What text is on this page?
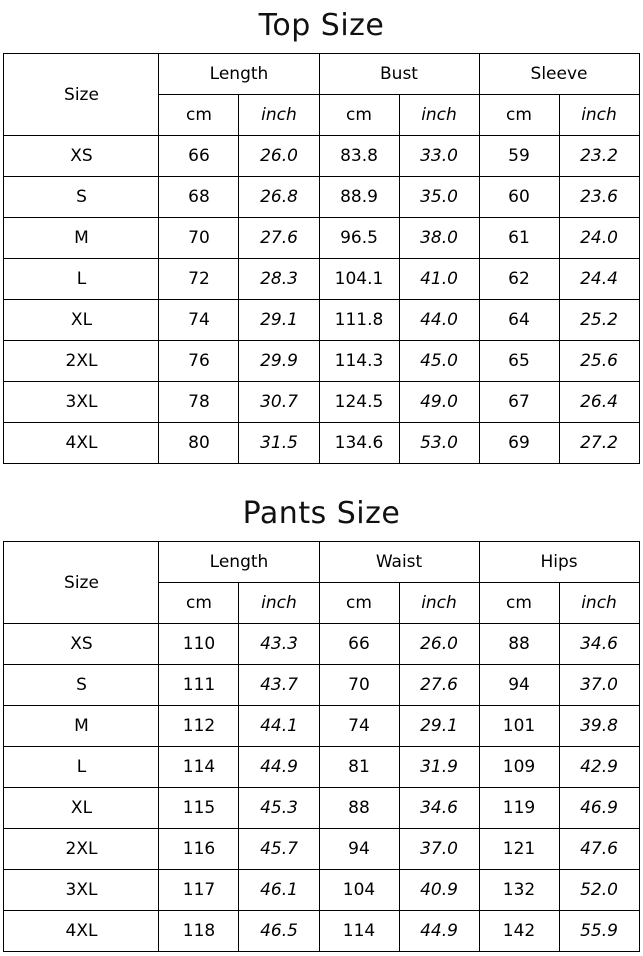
Top Size
Size	Length		Bust		Sleeve	
	cm	inch	cm	inch	cm	inch
XS	66	26.0	83.8	33.0	59	23.2
S	68	26.8	88.9	35.0	60	23.6
M	70	27.6	96.5	38.0	61	24.0
L	72	28.3	104.1	41.0	62	24.4
XL	74	29.1	111.8	44.0	64	25.2
2XL	76	29.9	114.3	45.0	65	25.6
3XL	78	30.7	124.5	49.0	67	26.4
4XL	80	31.5	134.6	53.0	69	27.2
Pants Size
Size	Length		Waist		Hips	
	cm	inch	cm	inch	cm	inch
XS	110	43.3	66	26.0	88	34.6
S	111	43.7	70	27.6	94	37.0
M	112	44.1	74	29.1	101	39.8
L	114	44.9	81	31.9	109	42.9
XL	115	45.3	88	34.6	119	46.9
2XL	116	45.7	94	37.0	121	47.6
3XL	117	46.1	104	40.9	132	52.0
4XL	118	46.5	114	44.9	142	55.9
